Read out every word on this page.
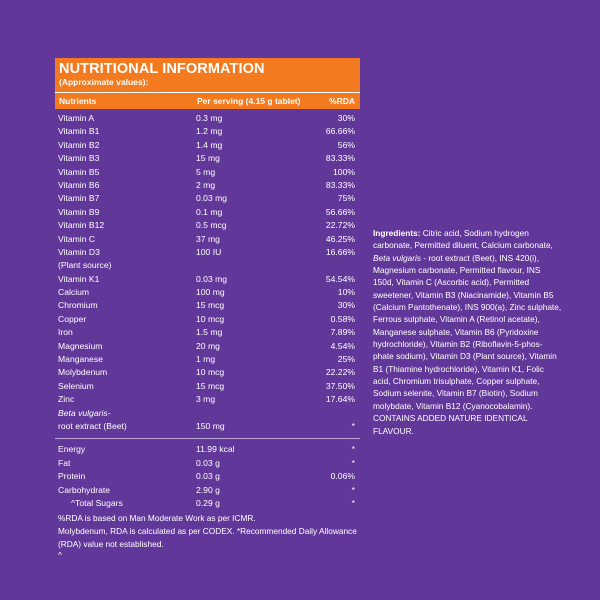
NUTRITIONAL INFORMATION
(Approximate values):
Nutrients	Per serving (4.15 g tablet)	%RDA
Vitamin A	0.3 mg	30%
Vitamin B1	1.2 mg	66.66%
Vitamin B2	1.4 mg	56%
Vitamin B3	15 mg	83.33%
Vitamin B5	5 mg	100%
Vitamin B6	2 mg	83.33%
Vitamin B7	0.03 mg	75%
Vitamin B9	0.1 mg	56.66%
Vitamin B12	0.5 mcg	22.72%
Vitamin C	37 mg	46.25%
Vitamin D3	100 IU	16.66%
(Plant source)
Vitamin K1	0.03 mg	54.54%
Calcium	100 mg	10%
Chromium	15 mcg	30%
Copper	10 mcg	0.58%
Iron	1.5 mg	7.89%
Magnesium	20 mg	4.54%
Manganese	1 mg	25%
Molybdenum	10 mcg	22.22%
Selenium	15 mcg	37.50%
Zinc	3 mg	17.64%
Beta vulgaris-
root extract (Beet)	150 mg	*
Energy	11.99 kcal	*
Fat	0.03 g	*
Protein	0.03 g	0.06%
Carbohydrate	2.90 g	*
^Total Sugars	0.29 g	*
%RDA is based on Man Moderate Work as per ICMR.
Molybdenum, RDA is calculated as per CODEX. *Recommended Daily Allowance
(RDA) value not established.
^
Ingredients: Citric acid, Sodium hydrogen carbonate, Permitted diluent, Calcium carbonate, Beta vulgaris - root extract (Beet), INS 420(i), Magnesium carbonate, Permitted flavour, INS 150d, Vitamin C (Ascorbic acid), Permitted sweetener, Vitamin B3 (Niacinamide), Vitamin B5 (Calcium Pantothenate), INS 900(a), Zinc sulphate, Ferrous sulphate, Vitamin A (Retinol acetate), Manganese sulphate, Vitamin B6 (Pyridoxine hydrochloride), Vitamin B2 (Riboflavin-5-phos- phate sodium), Vitamin D3 (Plant source), Vitamin B1 (Thiamine hydrochloride), Vitamin K1, Folic acid, Chromium trisulphate, Copper sulphate, Sodium selenite, Vitamin B7 (Biotin), Sodium molybdate, Vitamin B12 (Cyanocobalamin). CONTAINS ADDED NATURE IDENTICAL FLAVOUR.
